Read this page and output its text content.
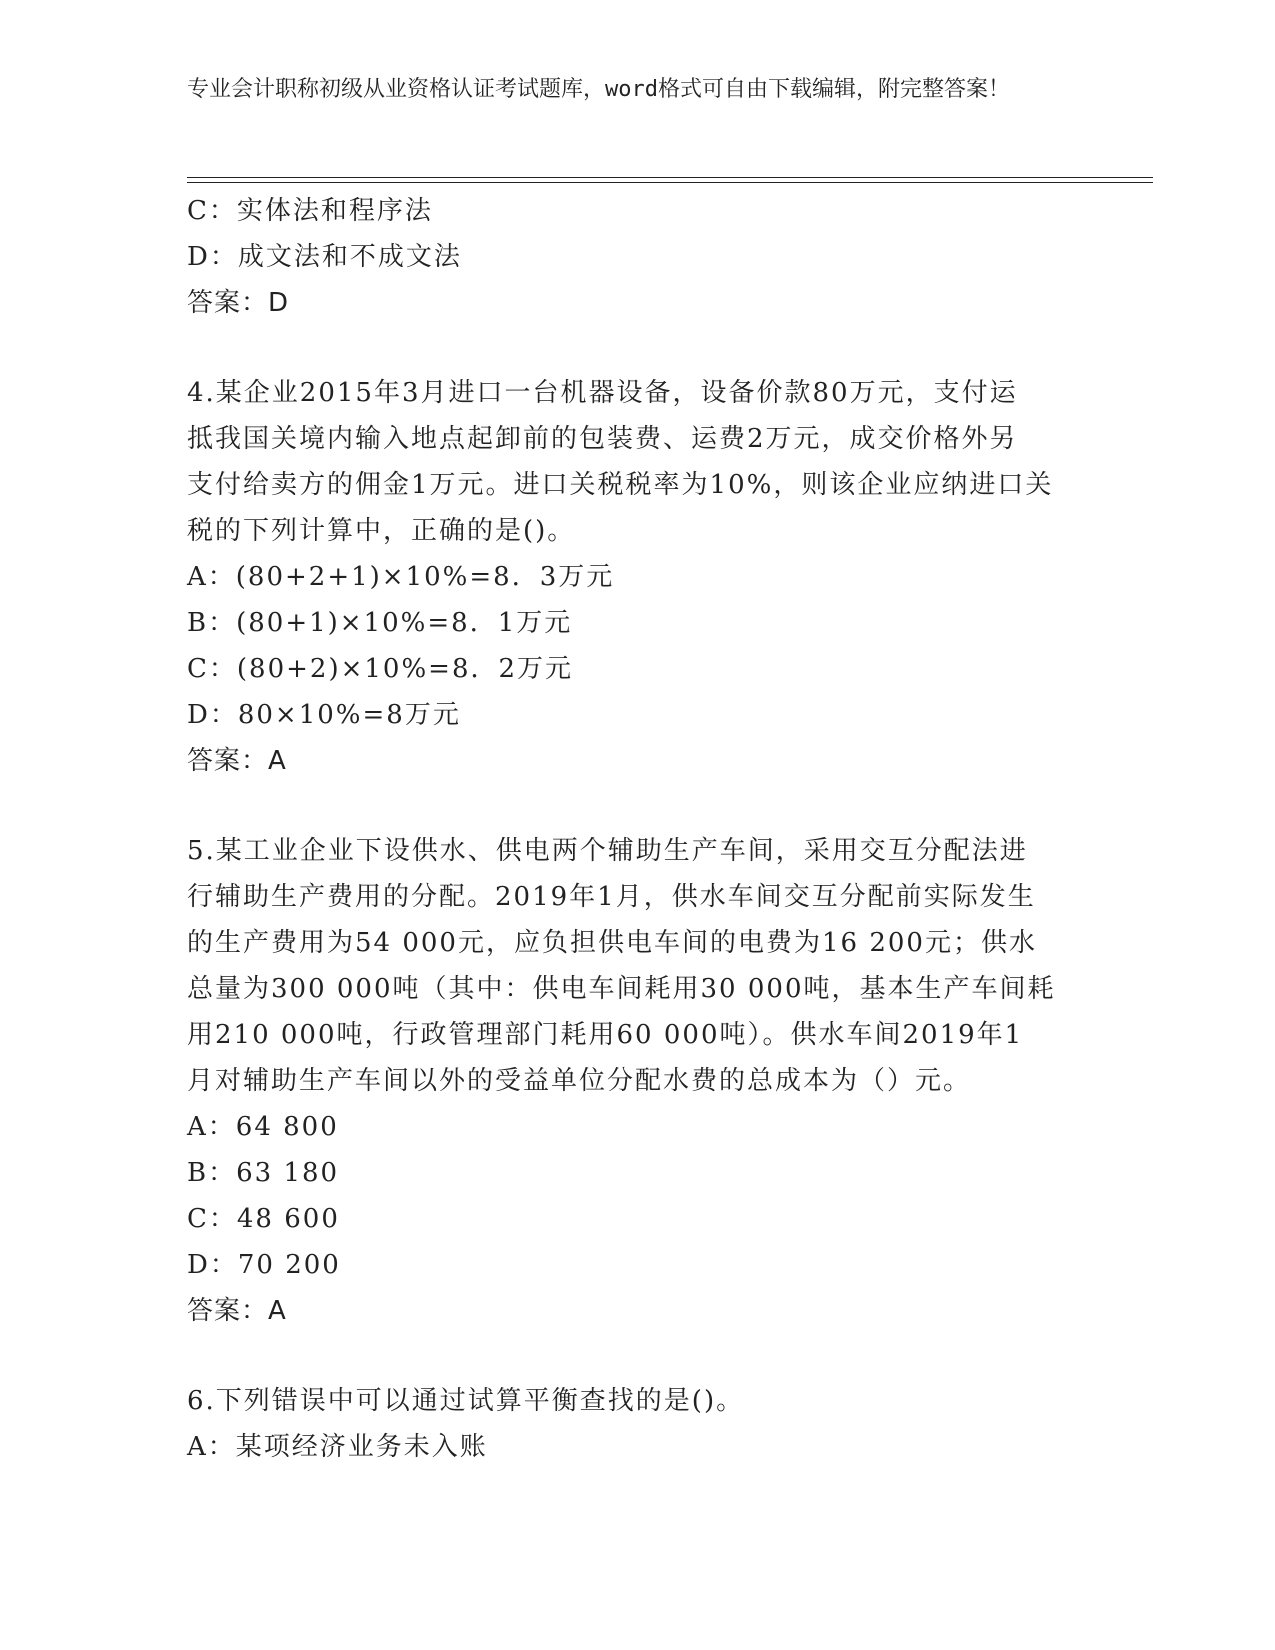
专业会计职称初级从业资格认证考试题库，word格式可自由下载编辑，附完整答案！

C：实体法和程序法

D：成文法和不成文法

答案：D

4.某企业2015年3月进口一台机器设备，设备价款80万元，支付运

抵我国关境内输入地点起卸前的包装费、运费2万元，成交价格外另

支付给卖方的佣金1万元。进口关税税率为10%，则该企业应纳进口关

税的下列计算中，正确的是()。

A：(80+2+1)×10%=8．3万元

B：(80+1)×10%=8．1万元

C：(80+2)×10%=8．2万元

D：80×10%=8万元

答案：A

5.某工业企业下设供水、供电两个辅助生产车间，采用交互分配法进

行辅助生产费用的分配。2019年1月，供水车间交互分配前实际发生

的生产费用为54 000元，应负担供电车间的电费为16 200元；供水

总量为300 000吨（其中：供电车间耗用30 000吨，基本生产车间耗

用210 000吨，行政管理部门耗用60 000吨）。供水车间2019年1

月对辅助生产车间以外的受益单位分配水费的总成本为（）元。

A：64 800

B：63 180

C：48 600

D：70 200

答案：A

6.下列错误中可以通过试算平衡查找的是()。

A：某项经济业务未入账
